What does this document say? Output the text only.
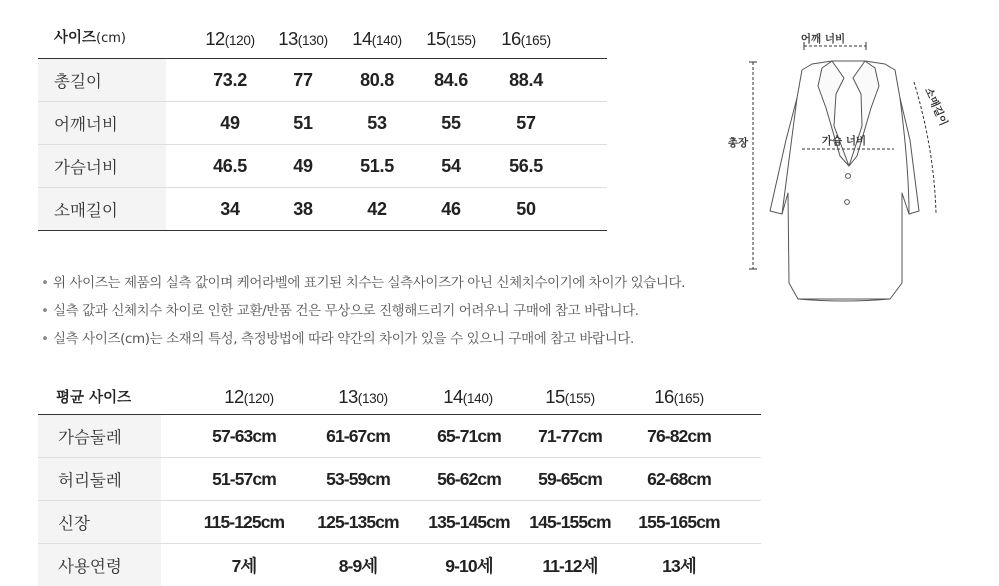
사이즈(cm)	12(120)	13(130)	14(140)	15(155)	16(165)
총길이	73.2	77	80.8	84.6	88.4
어깨너비	49	51	53	55	57
가슴너비	46.5	49	51.5	54	56.5
소매길이	34	38	42	46	50
• 위 사이즈는 제품의 실측 값이며 케어라벨에 표기된 치수는 실측사이즈가 아닌 신체치수이기에 차이가 있습니다.
• 실측 값과 신체치수 차이로 인한 교환/반품 건은 무상으로 진행해드리기 어려우니 구매에 참고 바랍니다.
• 실측 사이즈(cm)는 소재의 특성, 측정방법에 따라 약간의 차이가 있을 수 있으니 구매에 참고 바랍니다.
평균 사이즈	12(120)	13(130)	14(140)	15(155)	16(165)
가슴둘레	57-63cm	61-67cm	65-71cm	71-77cm	76-82cm
허리둘레	51-57cm	53-59cm	56-62cm	59-65cm	62-68cm
신장	115-125cm	125-135cm	135-145cm	145-155cm	155-165cm
사용연령	7세	8-9세	9-10세	11-12세	13세
어깨 너비
가슴 너비
총장
소매길이
